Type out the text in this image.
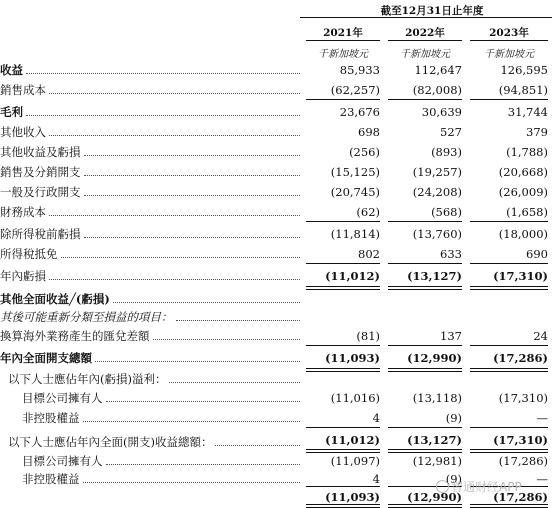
截至12月31日止年度
2021年	2022年	2023年
千新加坡元	千新加坡元	千新加坡元
收益	85,933	112,647	126,595
銷售成本	(62,257)	(82,008)	(94,851)
毛利	23,676	30,639	31,744
其他收入	698	527	379
其他收益及虧損	(256)	(893)	(1,788)
銷售及分銷開支	(15,125)	(19,257)	(20,668)
一般及行政開支	(20,745)	(24,208)	(26,009)
財務成本	(62)	(568)	(1,658)
除所得稅前虧損	(11,814)	(13,760)	(18,000)
所得稅抵免	802	633	690
年內虧損	(11,012)	(13,127)	(17,310)
其他全面收益╱(虧損)
其後可能重新分類至損益的項目：
換算海外業務產生的匯兌差額	(81)	137	24
年內全面開支總額	(11,093)	(12,990)	(17,286)
以下人士應佔年內(虧損)溢利：
目標公司擁有人	(11,016)	(13,118)	(17,310)
非控股權益	4	(9)	—
(11,012)	(13,127)	(17,310)
以下人士應佔年內全面(開支)收益總額：
目標公司擁有人	(11,097)	(12,981)	(17,286)
非控股權益	4	(9)	—
(11,093)	(12,990)	(17,286)
智通财经APP
